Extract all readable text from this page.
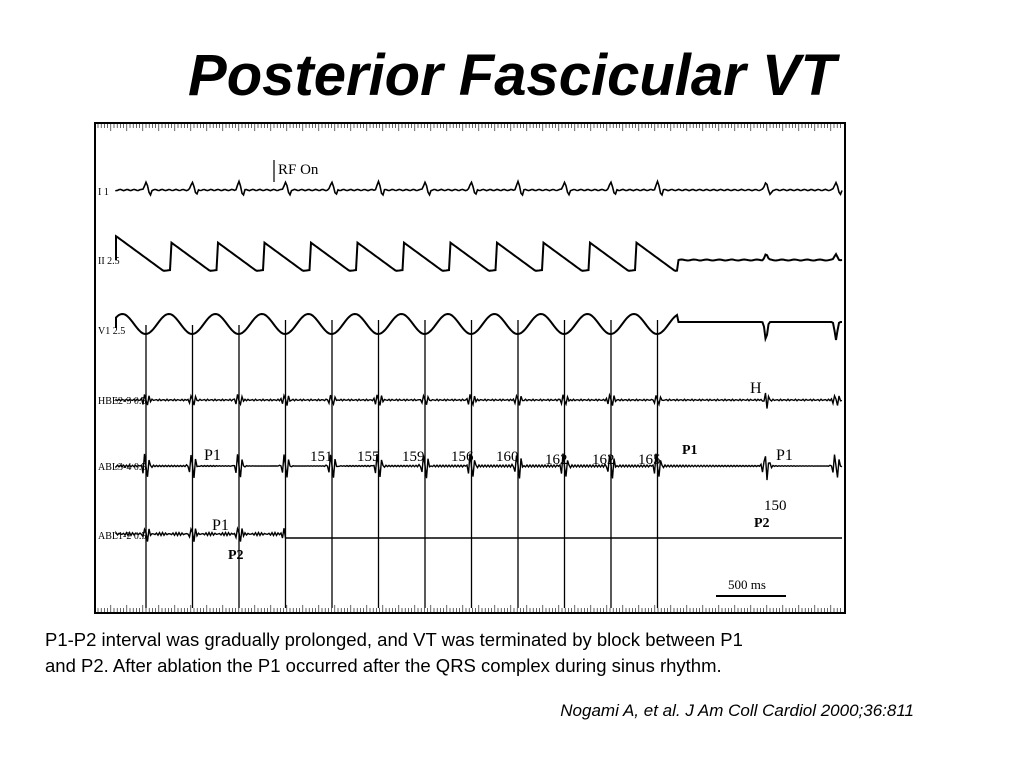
Posterior Fascicular VT
I 1
II 2.5
V1 2.5
HBE2-3 0.5
ABL3-4 0.5
ABL1-2 0.5
RF On
H
P1	P1	P1
P1
P2
P2
150
151 155 159 156 160 162 162 165
500 ms
P1-P2 interval was gradually prolonged, and VT was terminated by block between P1
and P2. After ablation the P1 occurred after the QRS complex during sinus rhythm.
Nogami A, et al. J Am Coll Cardiol 2000;36:811
